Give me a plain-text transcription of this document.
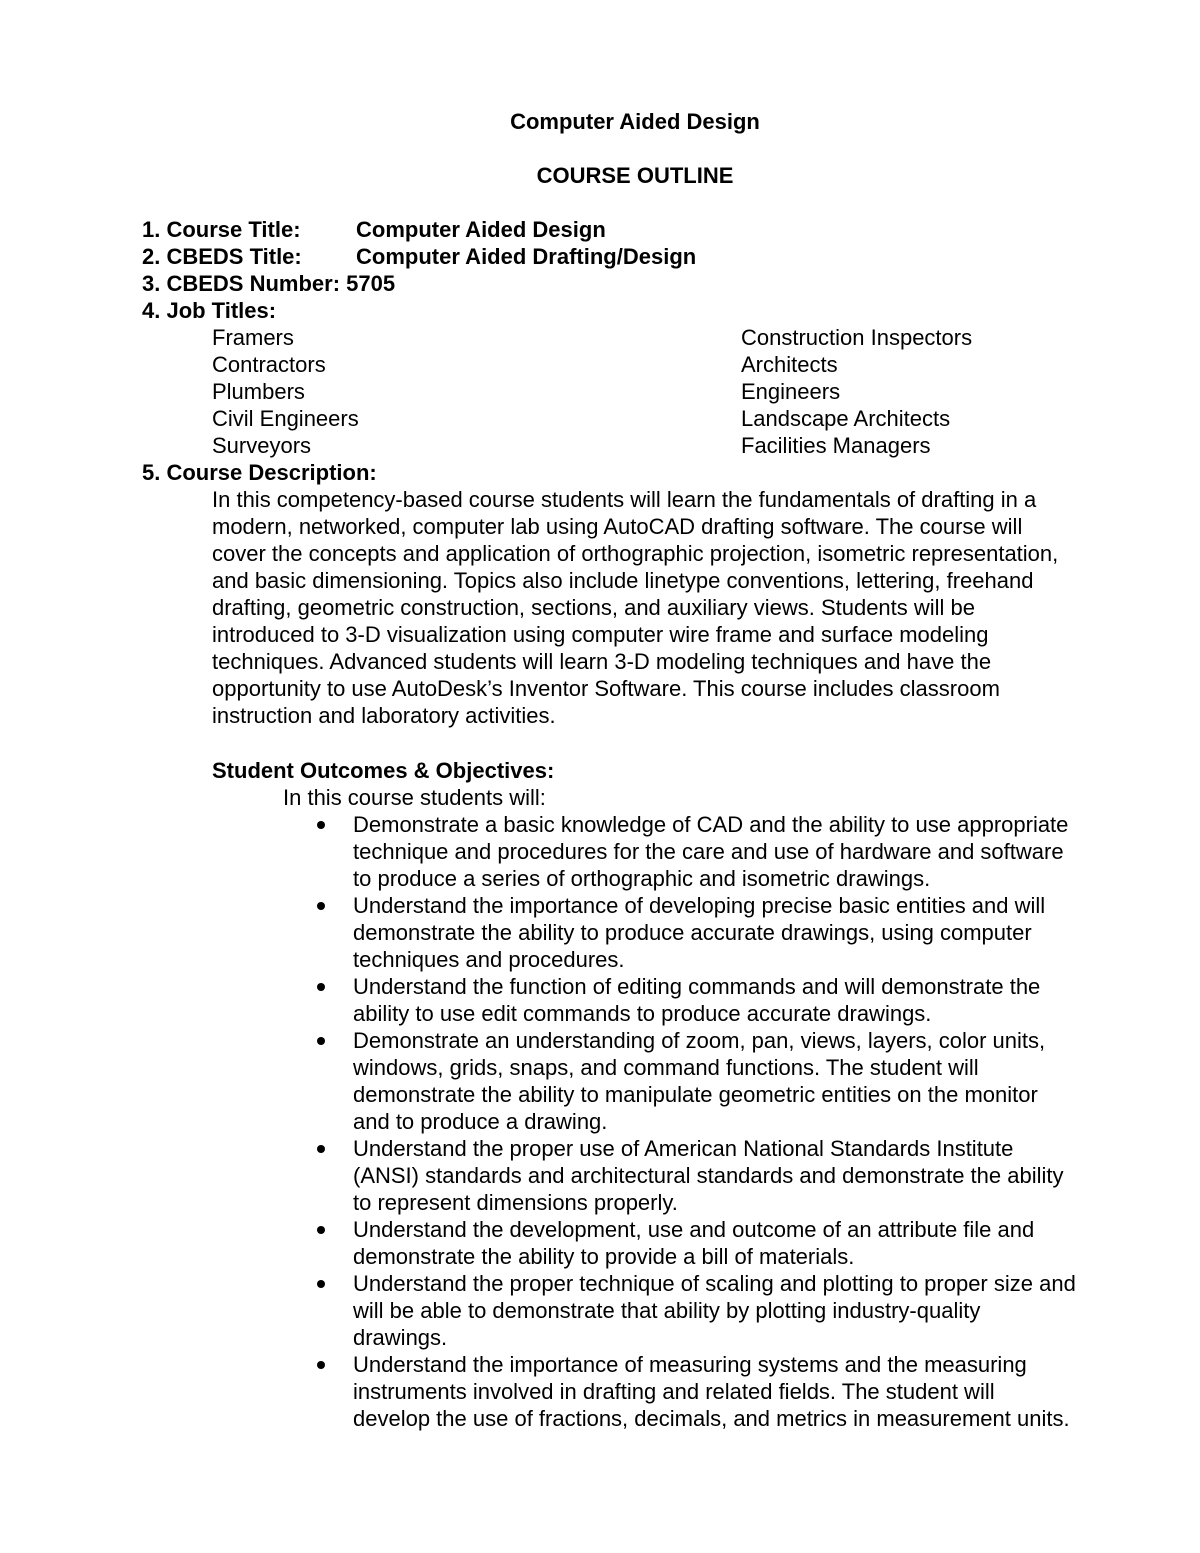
Computer Aided Design
COURSE OUTLINE
1. Course Title:	Computer Aided Design
2. CBEDS Title: Computer Aided Drafting/Design
3. CBEDS Number: 5705
4. Job Titles:
Framers
Contractors
Plumbers
Civil Engineers
Surveyors
Construction Inspectors
Architects
Engineers
Landscape Architects
Facilities Managers
5. Course Description:
In this competency-based course students will learn the fundamentals of drafting in a
modern, networked, computer lab using AutoCAD drafting software. The course will
cover the concepts and application of orthographic projection, isometric representation,
and basic dimensioning. Topics also include linetype conventions, lettering, freehand
drafting, geometric construction, sections, and auxiliary views. Students will be
introduced to 3-D visualization using computer wire frame and surface modeling
techniques. Advanced students will learn 3-D modeling techniques and have the
opportunity to use AutoDesk’s Inventor Software. This course includes classroom
instruction and laboratory activities.
Student Outcomes & Objectives:
In this course students will:
Demonstrate a basic knowledge of CAD and the ability to use appropriate
technique and procedures for the care and use of hardware and software
to produce a series of orthographic and isometric drawings.
Understand the importance of developing precise basic entities and will
demonstrate the ability to produce accurate drawings, using computer
techniques and procedures.
Understand the function of editing commands and will demonstrate the
ability to use edit commands to produce accurate drawings.
Demonstrate an understanding of zoom, pan, views, layers, color units,
windows, grids, snaps, and command functions. The student will
demonstrate the ability to manipulate geometric entities on the monitor
and to produce a drawing.
Understand the proper use of American National Standards Institute
(ANSI) standards and architectural standards and demonstrate the ability
to represent dimensions properly.
Understand the development, use and outcome of an attribute file and
demonstrate the ability to provide a bill of materials.
Understand the proper technique of scaling and plotting to proper size and
will be able to demonstrate that ability by plotting industry-quality
drawings.
Understand the importance of measuring systems and the measuring
instruments involved in drafting and related fields. The student will
develop the use of fractions, decimals, and metrics in measurement units.
